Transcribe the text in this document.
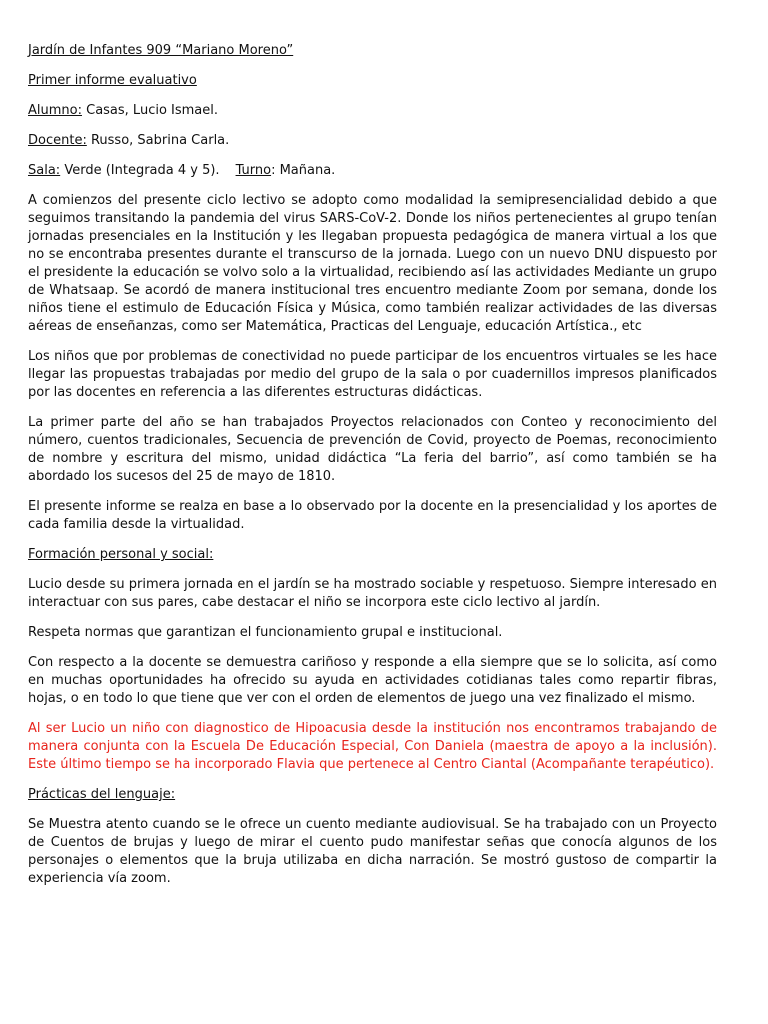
Jardín de Infantes 909 “Mariano Moreno”

Primer informe evaluativo

Alumno: Casas, Lucio Ismael.

Docente: Russo, Sabrina Carla.

Sala: Verde (Integrada 4 y 5). Turno: Mañana.

A comienzos del presente ciclo lectivo se adopto como modalidad la semipresencialidad debido a que seguimos transitando la pandemia del virus SARS-CoV-2. Donde los niños pertenecientes al grupo tenían jornadas presenciales en la Institución y les llegaban propuesta pedagógica de manera virtual a los que no se encontraba presentes durante el transcurso de la jornada. Luego con un nuevo DNU dispuesto por el presidente la educación se volvo solo a la virtualidad, recibiendo así las actividades Mediante un grupo de Whatsaap. Se acordó de manera institucional tres encuentro mediante Zoom por semana, donde los niños tiene el estimulo de Educación Física y Música, como también realizar actividades de las diversas aéreas de enseñanzas, como ser Matemática, Practicas del Lenguaje, educación Artística., etc

Los niños que por problemas de conectividad no puede participar de los encuentros virtuales se les hace llegar las propuestas trabajadas por medio del grupo de la sala o por cuadernillos impresos planificados por las docentes en referencia a las diferentes estructuras didácticas.

La primer parte del año se han trabajados Proyectos relacionados con Conteo y reconocimiento del número, cuentos tradicionales, Secuencia de prevención de Covid, proyecto de Poemas, reconocimiento de nombre y escritura del mismo, unidad didáctica “La feria del barrio”, así como también se ha abordado los sucesos del 25 de mayo de 1810.

El presente informe se realza en base a lo observado por la docente en la presencialidad y los aportes de cada familia desde la virtualidad.

Formación personal y social:

Lucio desde su primera jornada en el jardín se ha mostrado sociable y respetuoso. Siempre interesado en interactuar con sus pares, cabe destacar el niño se incorpora este ciclo lectivo al jardín.

Respeta normas que garantizan el funcionamiento grupal e institucional.

Con respecto a la docente se demuestra cariñoso y responde a ella siempre que se lo solicita, así como en muchas oportunidades ha ofrecido su ayuda en actividades cotidianas tales como repartir fibras, hojas, o en todo lo que tiene que ver con el orden de elementos de juego una vez finalizado el mismo.

Al ser Lucio un niño con diagnostico de Hipoacusia desde la institución nos encontramos trabajando de manera conjunta con la Escuela De Educación Especial, Con Daniela (maestra de apoyo a la inclusión). Este último tiempo se ha incorporado Flavia que pertenece al Centro Ciantal (Acompañante terapéutico).

Prácticas del lenguaje:

Se Muestra atento cuando se le ofrece un cuento mediante audiovisual. Se ha trabajado con un Proyecto de Cuentos de brujas y luego de mirar el cuento pudo manifestar señas que conocía algunos de los personajes o elementos que la bruja utilizaba en dicha narración. Se mostró gustoso de compartir la experiencia vía zoom.
